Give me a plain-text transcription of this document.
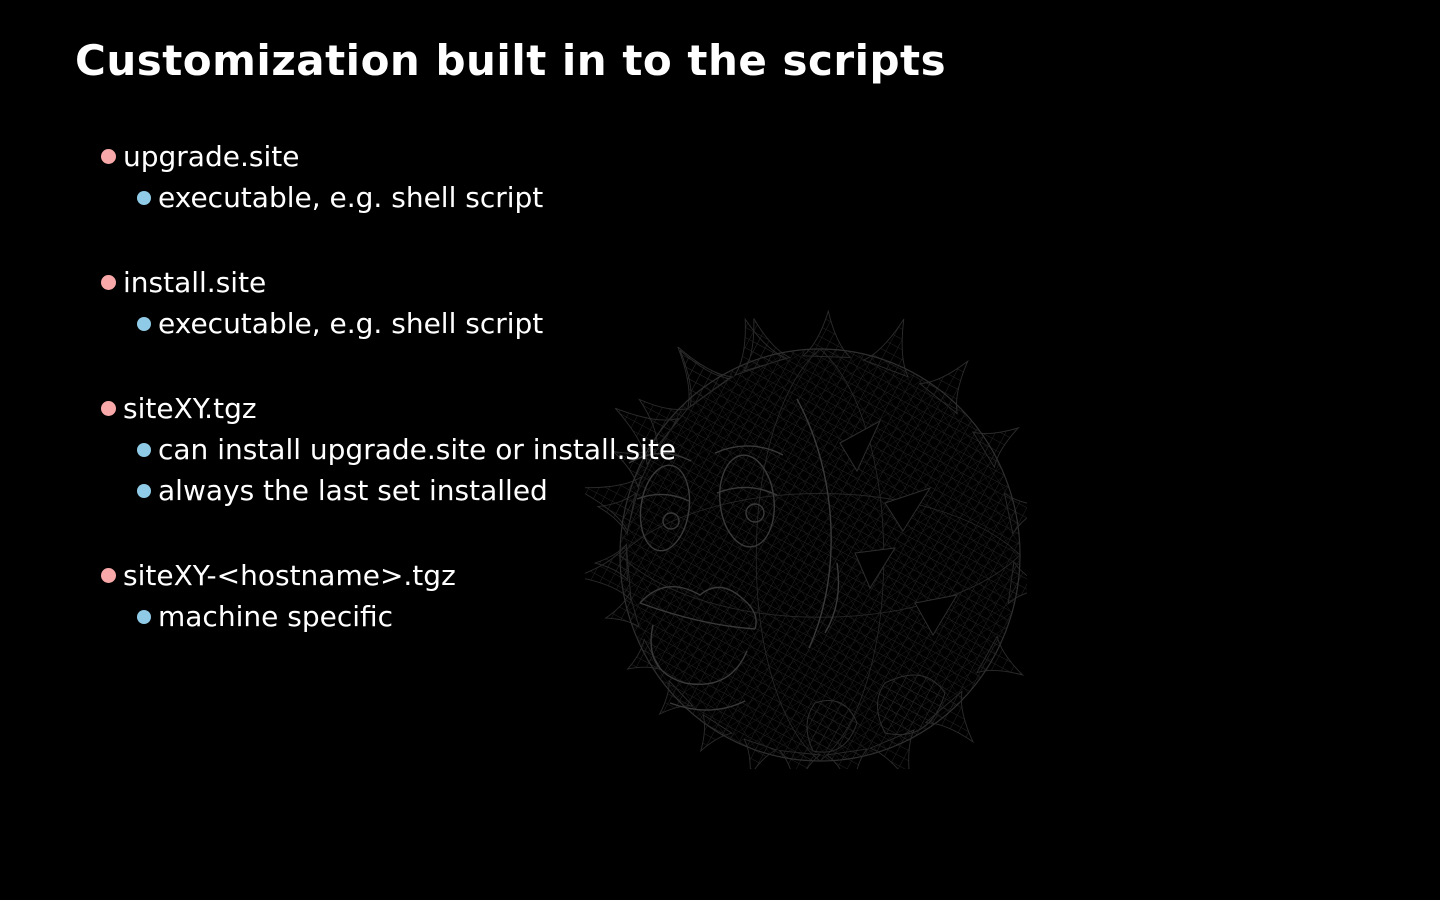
Customization built in to the scripts
upgrade.site
executable, e.g. shell script
install.site
executable, e.g. shell script
siteXY.tgz
can install upgrade.site or install.site
always the last set installed
siteXY-<hostname>.tgz
machine specific
